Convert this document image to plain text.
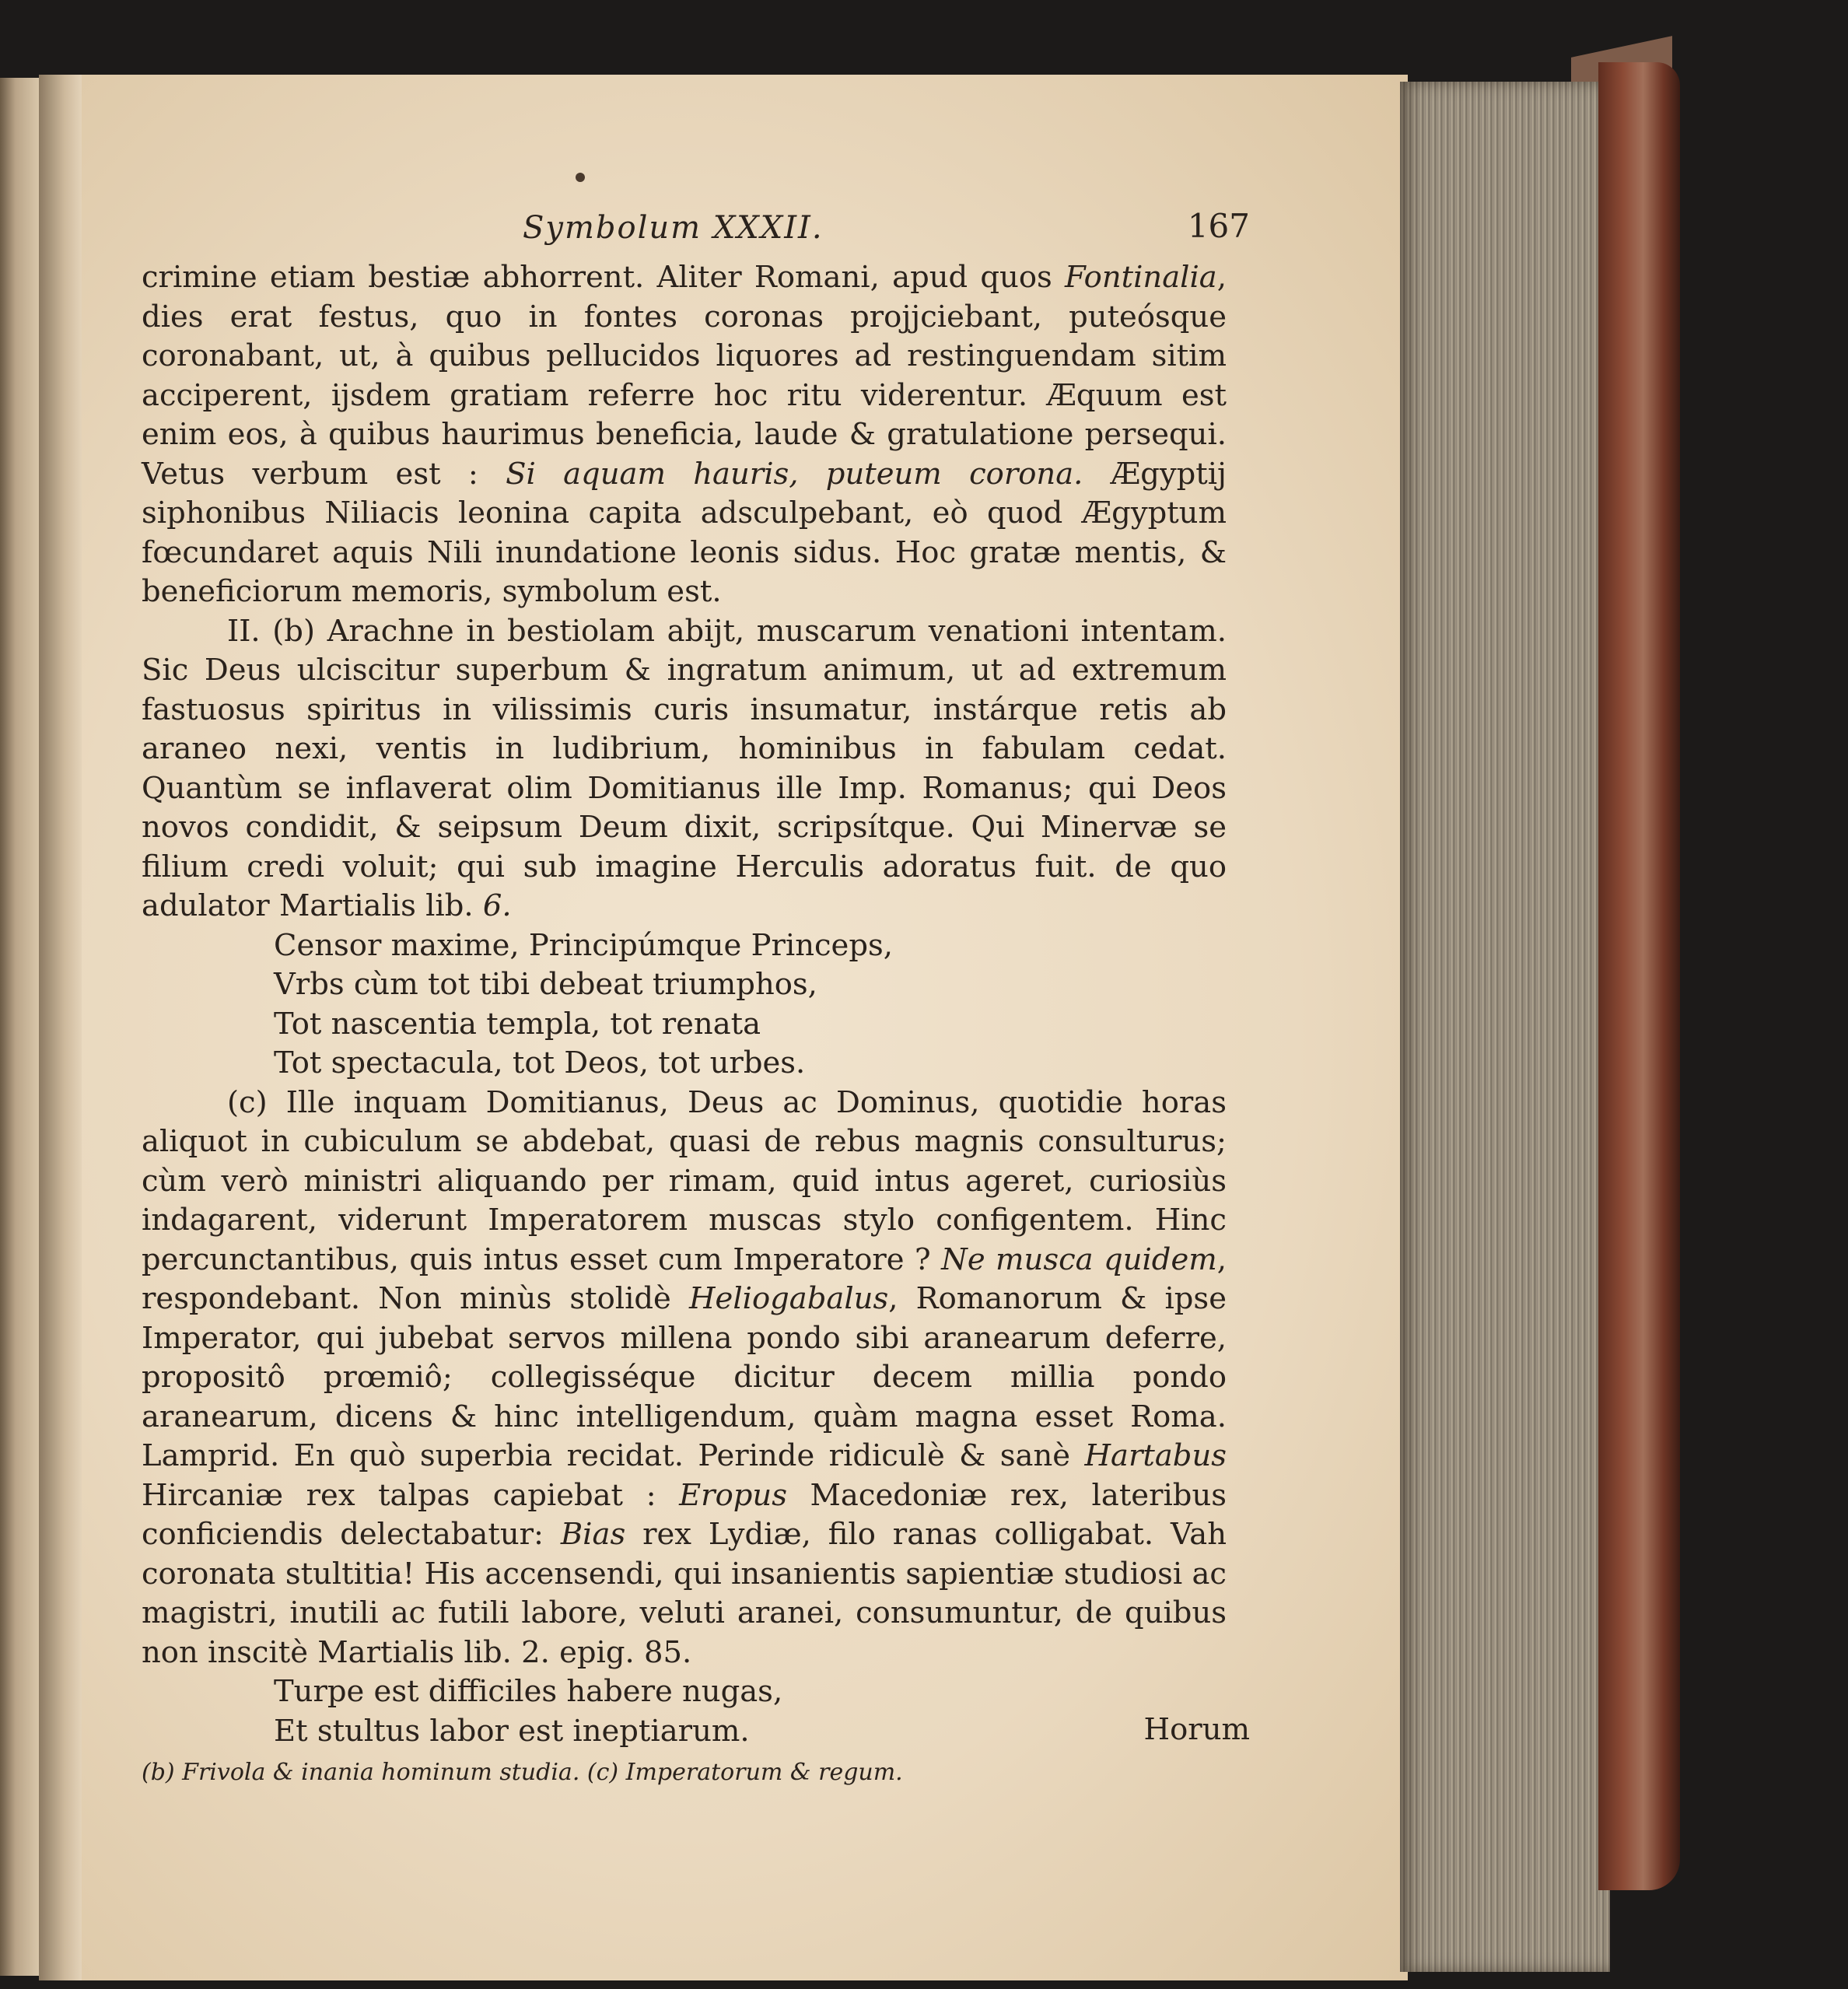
Symbolum XXXII.	167

crimine etiam bestiæ abhorrent. Aliter Romani, apud quos Fontinalia, dies erat festus, quo in fontes coronas projjciebant, puteósque coronabant, ut, à quibus pellucidos liquores ad restinguendam sitim acciperent, ijsdem gratiam referre hoc ritu viderentur. Æquum est enim eos, à quibus haurimus beneficia, laude & gratulatione persequi. Vetus verbum est : Si aquam hauris, puteum corona. Ægyptij siphonibus Niliacis leonina capita adsculpebant, eò quod Ægyptum fœcundaret aquis Nili inundatione leonis sidus. Hoc gratæ mentis, & beneficiorum memoris, symbolum est.

II. (b) Arachne in bestiolam abijt, muscarum venationi intentam. Sic Deus ulciscitur superbum & ingratum animum, ut ad extremum fastuosus spiritus in vilissimis curis insumatur, instárque retis ab araneo nexi, ventis in ludibrium, hominibus in fabulam cedat. Quantùm se inflaverat olim Domitianus ille Imp. Romanus; qui Deos novos condidit, & seipsum Deum dixit, scripsítque. Qui Minervæ se filium credi voluit; qui sub imagine Herculis adoratus fuit. de quo adulator Martialis lib. 6.

Censor maxime, Principúmque Princeps,
Vrbs cùm tot tibi debeat triumphos,
Tot nascentia templa, tot renata
Tot spectacula, tot Deos, tot urbes.

(c) Ille inquam Domitianus, Deus ac Dominus, quotidie horas aliquot in cubiculum se abdebat, quasi de rebus magnis consulturus; cùm verò ministri aliquando per rimam, quid intus ageret, curiosiùs indagarent, viderunt Imperatorem muscas stylo configentem. Hinc percunctantibus, quis intus esset cum Imperatore ? Ne musca quidem, respondebant. Non minùs stolidè Heliogabalus, Romanorum & ipse Imperator, qui jubebat servos millena pondo sibi aranearum deferre, propositô prœmiô; collegisséque dicitur decem millia pondo aranearum, dicens & hinc intelligendum, quàm magna esset Roma. Lamprid. En quò superbia recidat. Perinde ridiculè & sanè Hartabus Hircaniæ rex talpas capiebat : Eropus Macedoniæ rex, lateribus conficiendis delectabatur: Bias rex Lydiæ, filo ranas colligabat. Vah coronata stultitia! His accensendi, qui insanientis sapientiæ studiosi ac magistri, inutili ac futili labore, veluti aranei, consumuntur, de quibus non inscitè Martialis lib. 2. epig. 85.

Turpe est difficiles habere nugas,
Et stultus labor est ineptiarum.	Horum
(b) Frivola & inania hominum studia. (c) Imperatorum & regum.
